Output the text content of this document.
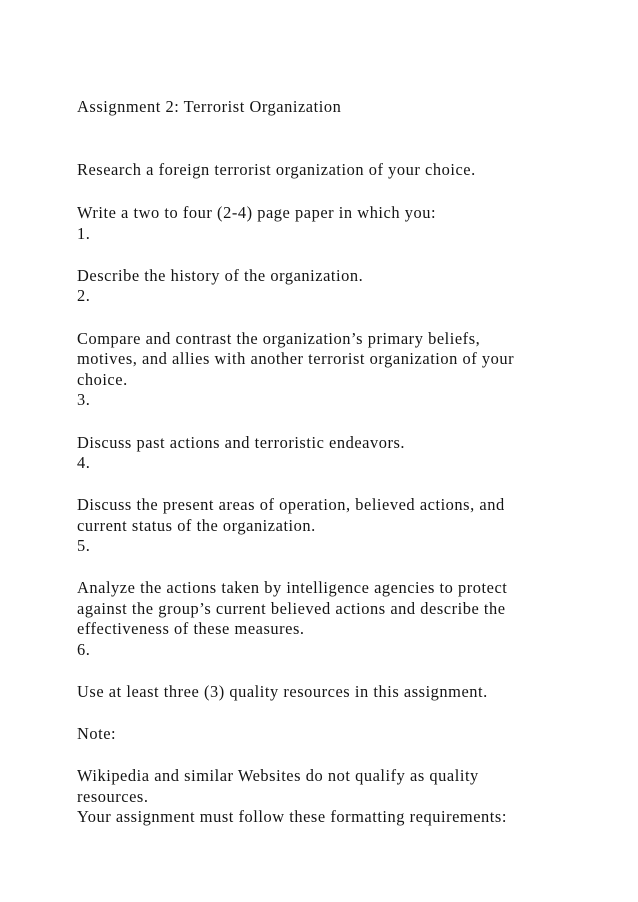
Assignment 2: Terrorist Organization

Research a foreign terrorist organization of your choice.

Write a two to four (2-4) page paper in which you:

1.

Describe the history of the organization.

2.

Compare and contrast the organization’s primary beliefs,

motives, and allies with another terrorist organization of your

choice.

3.

Discuss past actions and terroristic endeavors.

4.

Discuss the present areas of operation, believed actions, and

current status of the organization.

5.

Analyze the actions taken by intelligence agencies to protect

against the group’s current believed actions and describe the

effectiveness of these measures.

6.

Use at least three (3) quality resources in this assignment.

Note:

Wikipedia and similar Websites do not qualify as quality

resources.

Your assignment must follow these formatting requirements:
